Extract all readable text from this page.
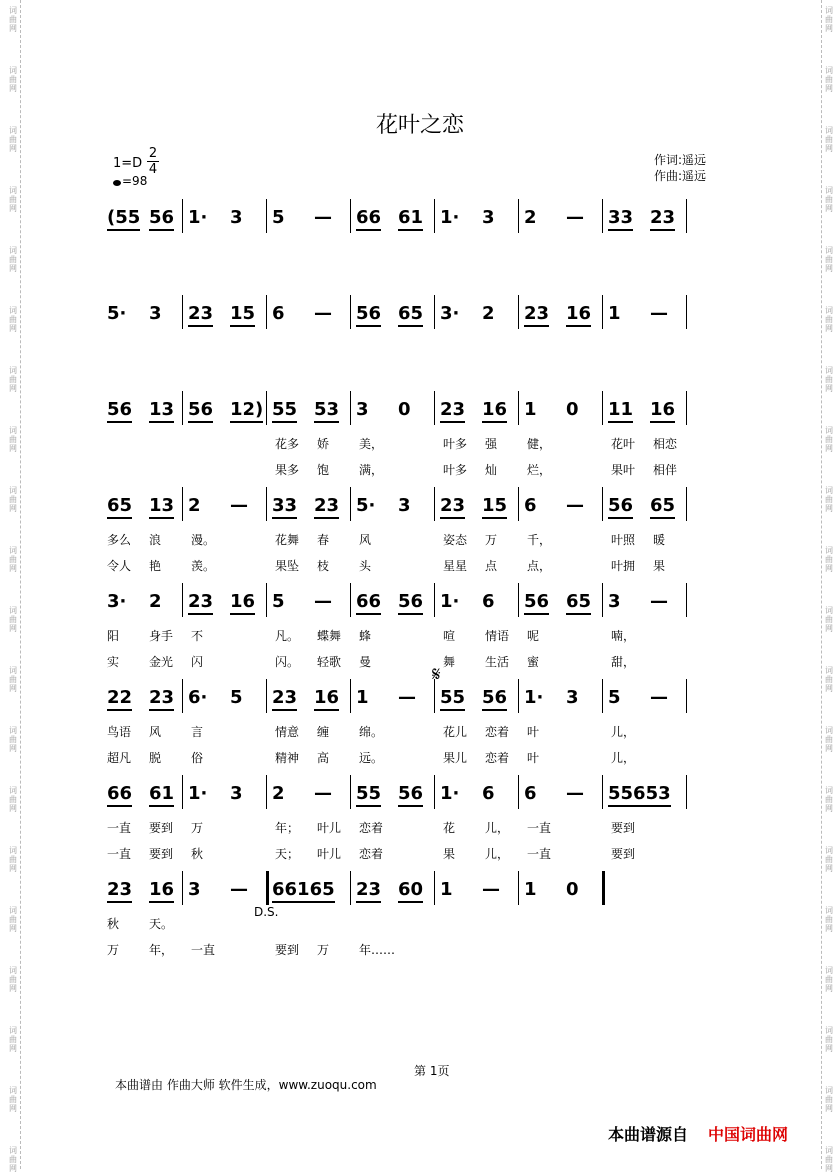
词
曲
网
词
曲
网
词
曲
网
词
曲
网
词
曲
网
词
曲
网
词
曲
网
词
曲
网
词
曲
网
词
曲
网
词
曲
网
词
曲
网
词
曲
网
词
曲
网
词
曲
网
词
曲
网
词
曲
网
词
曲
网
词
曲
网
词
曲
网
词
曲
网
词
曲
网
词
曲
网
词
曲
网
词
曲
网
词
曲
网
词
曲
网
词
曲
网
词
曲
网
词
曲
网
词
曲
网
词
曲
网
词
曲
网
词
曲
网
词
曲
网
词
曲
网
词
曲
网
词
曲
网
词
曲
网
词
曲
网
花叶之恋
1=D
2
4
=98
作词:遥远
作曲:遥远
(55 56 1· 3 5 — 66 61 1· 3 2 — 33 23
5· 3 23 15 6 — 56 65 3· 2 23 16 1 —
56 13 56 12) 55 53 3 0 23 16 1 0 11 16
花多 娇 美，	叶多 强 健，	花叶 相恋
果多 饱 满，	叶多 灿 烂，	果叶 相伴
65 13 2 — 33 23 5· 3 23 15 6 — 56 65
多么 浪 漫。	花舞 春 风	姿态 万 千，	叶照 暖
令人 艳 羡。	果坠 枝 头	星星 点 点，	叶拥 果
3· 2 23 16 5 — 66 56 1· 6 56 65 3 —
阳 身手 不	凡。 蝶舞 蜂	喧 情语 呢	喃，
实 金光 闪	闪。 轻歌 曼	舞 生活 蜜	甜，
22 23 6· 5 23 16 1 — 55 56 1· 3 5 —
鸟语 风 言	情意 缠 绵。	花儿 恋着 叶	儿，
超凡 脱 俗	精神 高 远。	果儿 恋着 叶	儿，
66 61 1· 3 2 — 55 56 1· 6 6 — 55653
一直 要到 万	年； 叶儿 恋着	花 儿， 一直	要到
一直 要到 秋	天； 叶儿 恋着	果 儿， 一直	要到
23 16 3 — 66165 23 60 1 — 1 0
秋 天。
万 年， 一直	要到 万 年……
D.S.
𝄋
第 1页
本曲谱由 作曲大师 软件生成，www.zuoqu.com
本曲谱源自 中国词曲网
